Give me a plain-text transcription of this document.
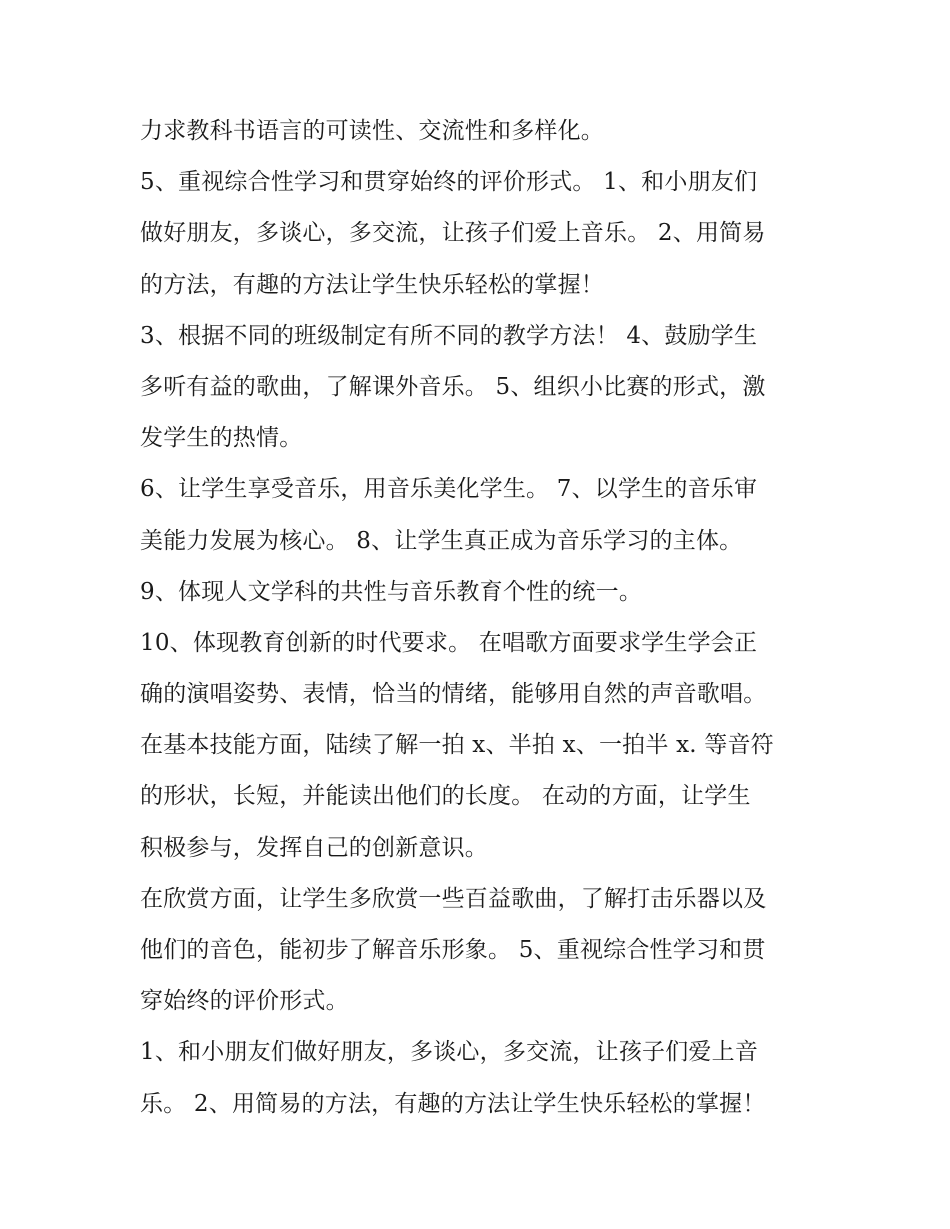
力求教科书语言的可读性、交流性和多样化。
5、重视综合性学习和贯穿始终的评价形式。 1、和小朋友们
做好朋友，多谈心，多交流，让孩子们爱上音乐。 2、用简易
的方法，有趣的方法让学生快乐轻松的掌握！
3、根据不同的班级制定有所不同的教学方法！ 4、鼓励学生
多听有益的歌曲，了解课外音乐。 5、组织小比赛的形式，激
发学生的热情。
6、让学生享受音乐，用音乐美化学生。 7、以学生的音乐审
美能力发展为核心。 8、让学生真正成为音乐学习的主体。
9、体现人文学科的共性与音乐教育个性的统一。
10、体现教育创新的时代要求。 在唱歌方面要求学生学会正
确的演唱姿势、表情，恰当的情绪，能够用自然的声音歌唱。
在基本技能方面，陆续了解一拍 x、半拍 x、一拍半 x. 等音符
的形状，长短，并能读出他们的长度。 在动的方面，让学生
积极参与，发挥自己的创新意识。
在欣赏方面，让学生多欣赏一些百益歌曲，了解打击乐器以及
他们的音色，能初步了解音乐形象。 5、重视综合性学习和贯
穿始终的评价形式。
1、和小朋友们做好朋友，多谈心，多交流，让孩子们爱上音
乐。 2、用简易的方法，有趣的方法让学生快乐轻松的掌握！
